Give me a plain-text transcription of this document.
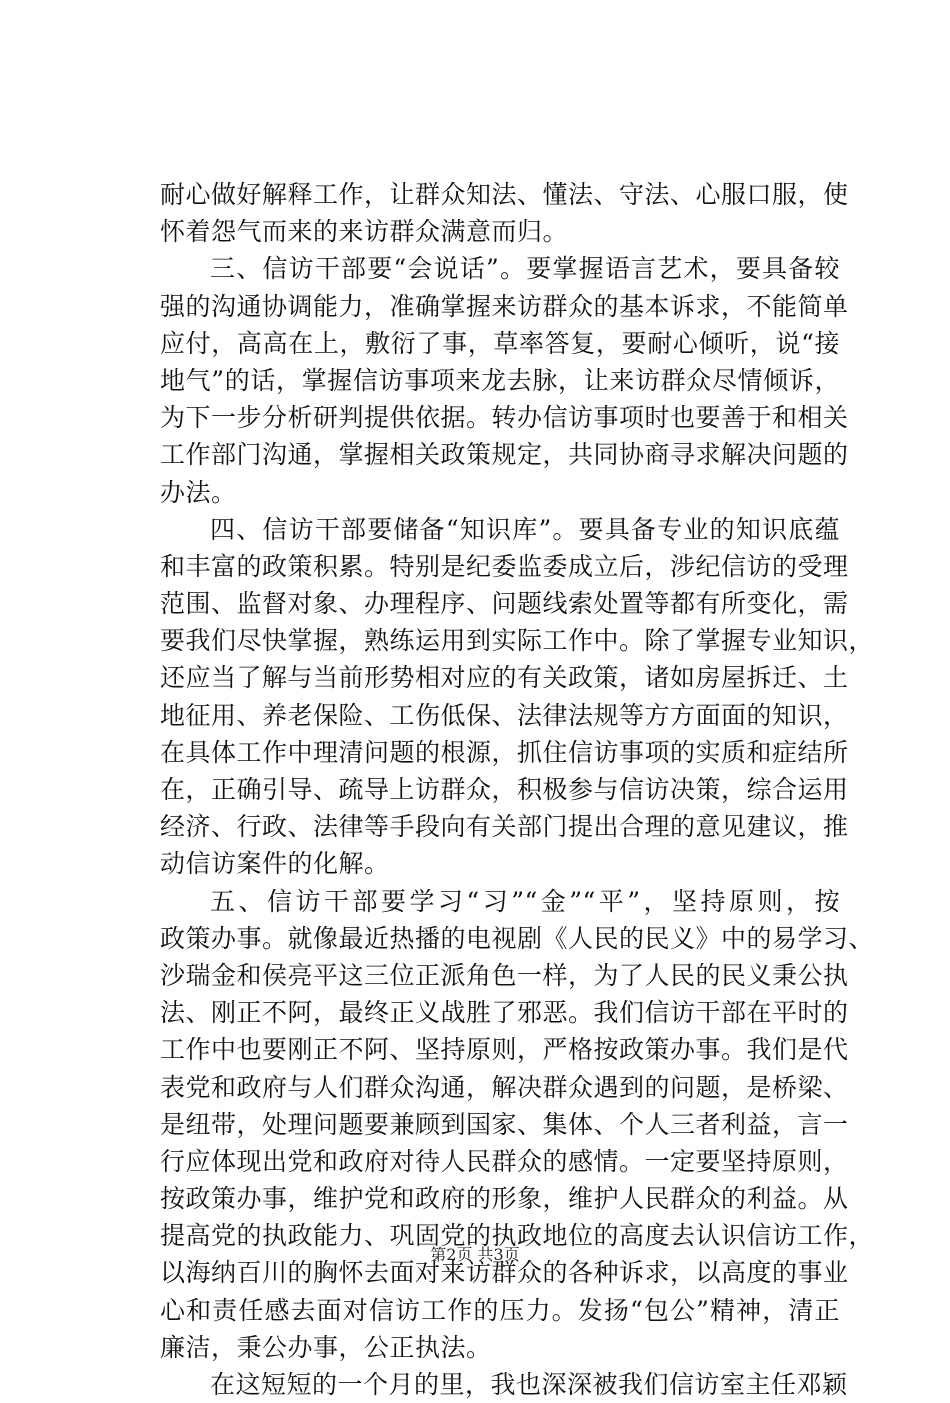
耐心做好解释工作，让群众知法、懂法、守法、心服口服，使
怀着怨气而来的来访群众满意而归。
三、信访干部要“会说话”。要掌握语言艺术，要具备较
强的沟通协调能力，准确掌握来访群众的基本诉求，不能简单
应付，高高在上，敷衍了事，草率答复，要耐心倾听，说“接
地气”的话，掌握信访事项来龙去脉，让来访群众尽情倾诉，
为下一步分析研判提供依据。转办信访事项时也要善于和相关
工作部门沟通，掌握相关政策规定，共同协商寻求解决问题的
办法。
四、信访干部要储备“知识库”。要具备专业的知识底蕴
和丰富的政策积累。特别是纪委监委成立后，涉纪信访的受理
范围、监督对象、办理程序、问题线索处置等都有所变化，需
要我们尽快掌握，熟练运用到实际工作中。除了掌握专业知识，
还应当了解与当前形势相对应的有关政策，诸如房屋拆迁、土
地征用、养老保险、工伤低保、法律法规等方方面面的知识，
在具体工作中理清问题的根源，抓住信访事项的实质和症结所
在，正确引导、疏导上访群众，积极参与信访决策，综合运用
经济、行政、法律等手段向有关部门提出合理的意见建议，推
动信访案件的化解。
五、信访干部要学习“习”“金”“平”，坚持原则，按
政策办事。就像最近热播的电视剧《人民的民义》中的易学习、
沙瑞金和侯亮平这三位正派角色一样，为了人民的民义秉公执
法、刚正不阿，最终正义战胜了邪恶。我们信访干部在平时的
工作中也要刚正不阿、坚持原则，严格按政策办事。我们是代
表党和政府与人们群众沟通，解决群众遇到的问题，是桥梁、
是纽带，处理问题要兼顾到国家、集体、个人三者利益，言一
行应体现出党和政府对待人民群众的感情。一定要坚持原则，
按政策办事，维护党和政府的形象，维护人民群众的利益。从
提高党的执政能力、巩固党的执政地位的高度去认识信访工作，
以海纳百川的胸怀去面对来访群众的各种诉求，以高度的事业
心和责任感去面对信访工作的压力。发扬“包公”精神，清正
廉洁，秉公办事，公正执法。
在这短短的一个月的里，我也深深被我们信访室主任邓颖
第2页 共3页
